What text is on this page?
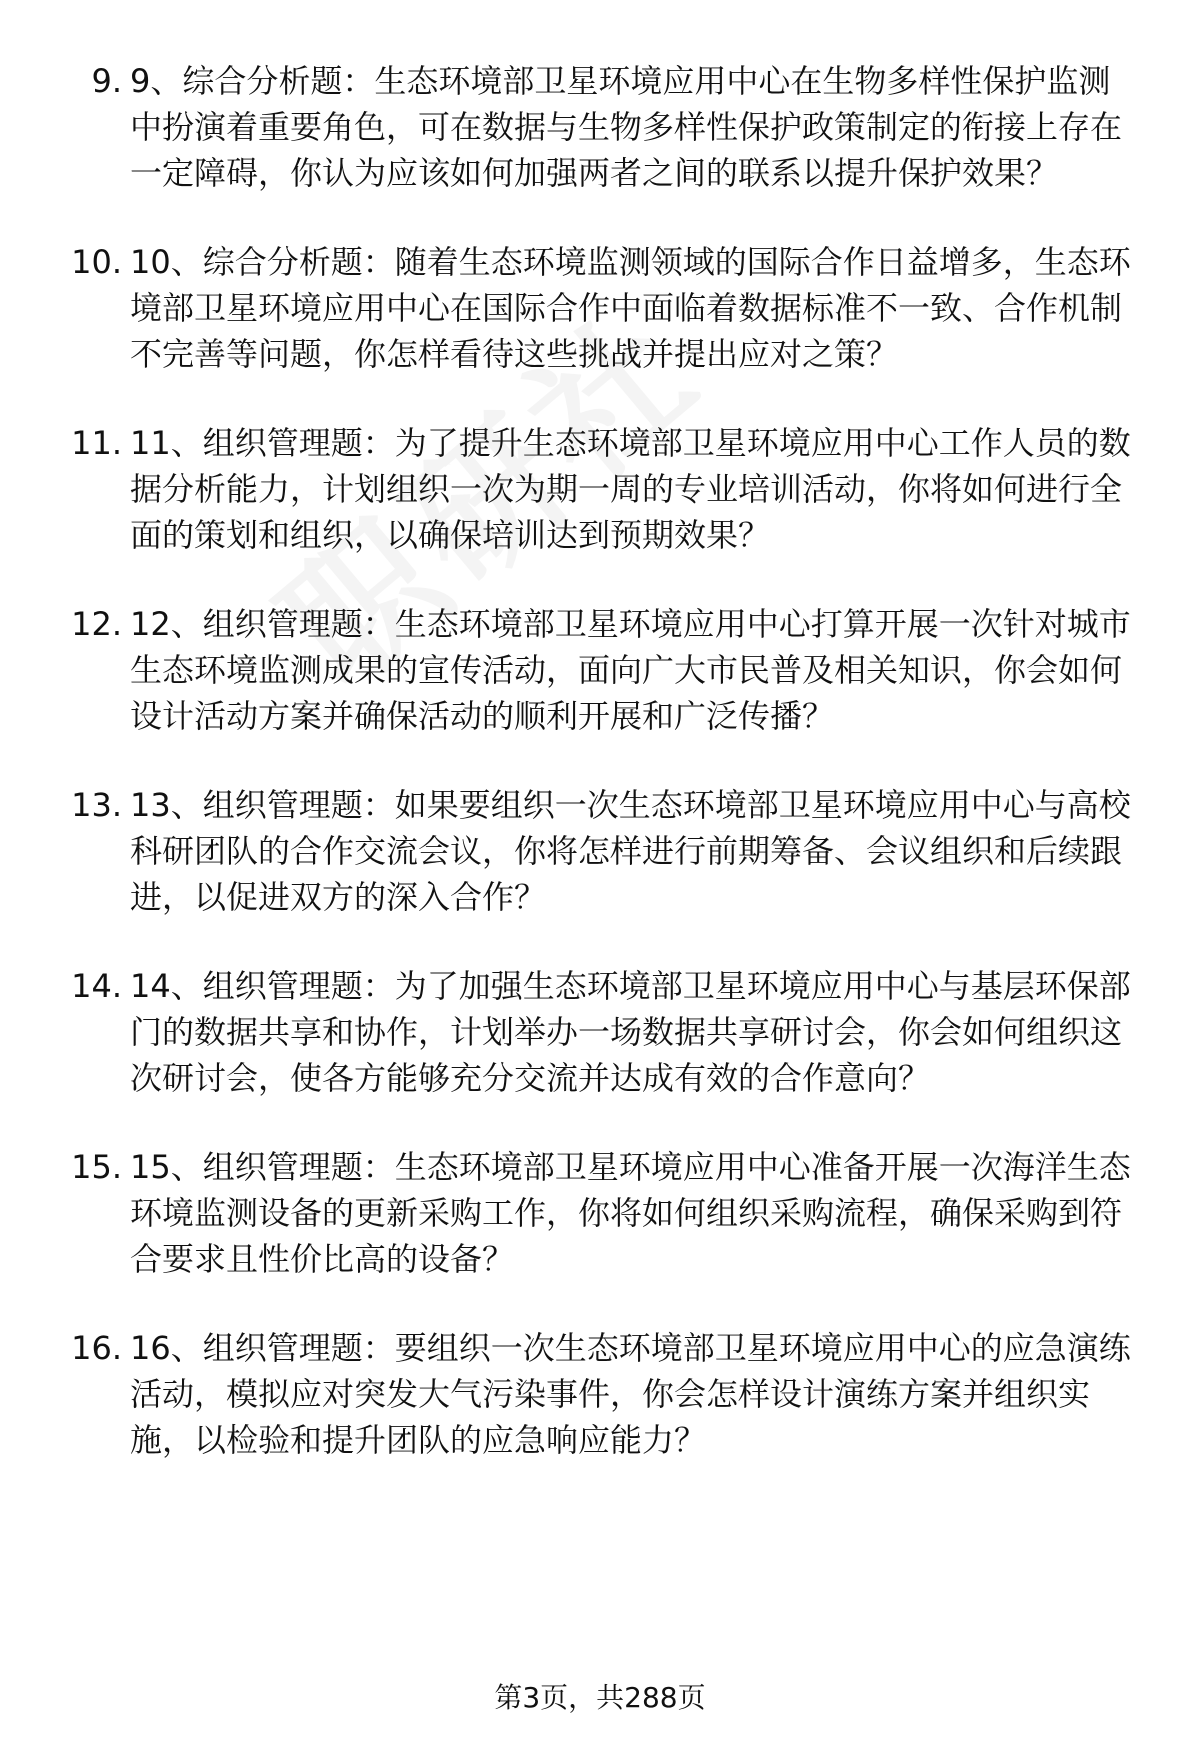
9. 9、综合分析题：生态环境部卫星环境应用中心在生物多样性保护监测中扮演着重要角色，可在数据与生物多样性保护政策制定的衔接上存在一定障碍，你认为应该如何加强两者之间的联系以提升保护效果？
10. 10、综合分析题：随着生态环境监测领域的国际合作日益增多，生态环境部卫星环境应用中心在国际合作中面临着数据标准不一致、合作机制不完善等问题，你怎样看待这些挑战并提出应对之策？
11. 11、组织管理题：为了提升生态环境部卫星环境应用中心工作人员的数据分析能力，计划组织一次为期一周的专业培训活动，你将如何进行全面的策划和组织，以确保培训达到预期效果？
12. 12、组织管理题：生态环境部卫星环境应用中心打算开展一次针对城市生态环境监测成果的宣传活动，面向广大市民普及相关知识，你会如何设计活动方案并确保活动的顺利开展和广泛传播？
13. 13、组织管理题：如果要组织一次生态环境部卫星环境应用中心与高校科研团队的合作交流会议，你将怎样进行前期筹备、会议组织和后续跟进，以促进双方的深入合作？
14. 14、组织管理题：为了加强生态环境部卫星环境应用中心与基层环保部门的数据共享和协作，计划举办一场数据共享研讨会，你会如何组织这次研讨会，使各方能够充分交流并达成有效的合作意向？
15. 15、组织管理题：生态环境部卫星环境应用中心准备开展一次海洋生态环境监测设备的更新采购工作，你将如何组织采购流程，确保采购到符合要求且性价比高的设备？
16. 16、组织管理题：要组织一次生态环境部卫星环境应用中心的应急演练活动，模拟应对突发大气污染事件，你会怎样设计演练方案并组织实施，以检验和提升团队的应急响应能力？
第3页，共288页
